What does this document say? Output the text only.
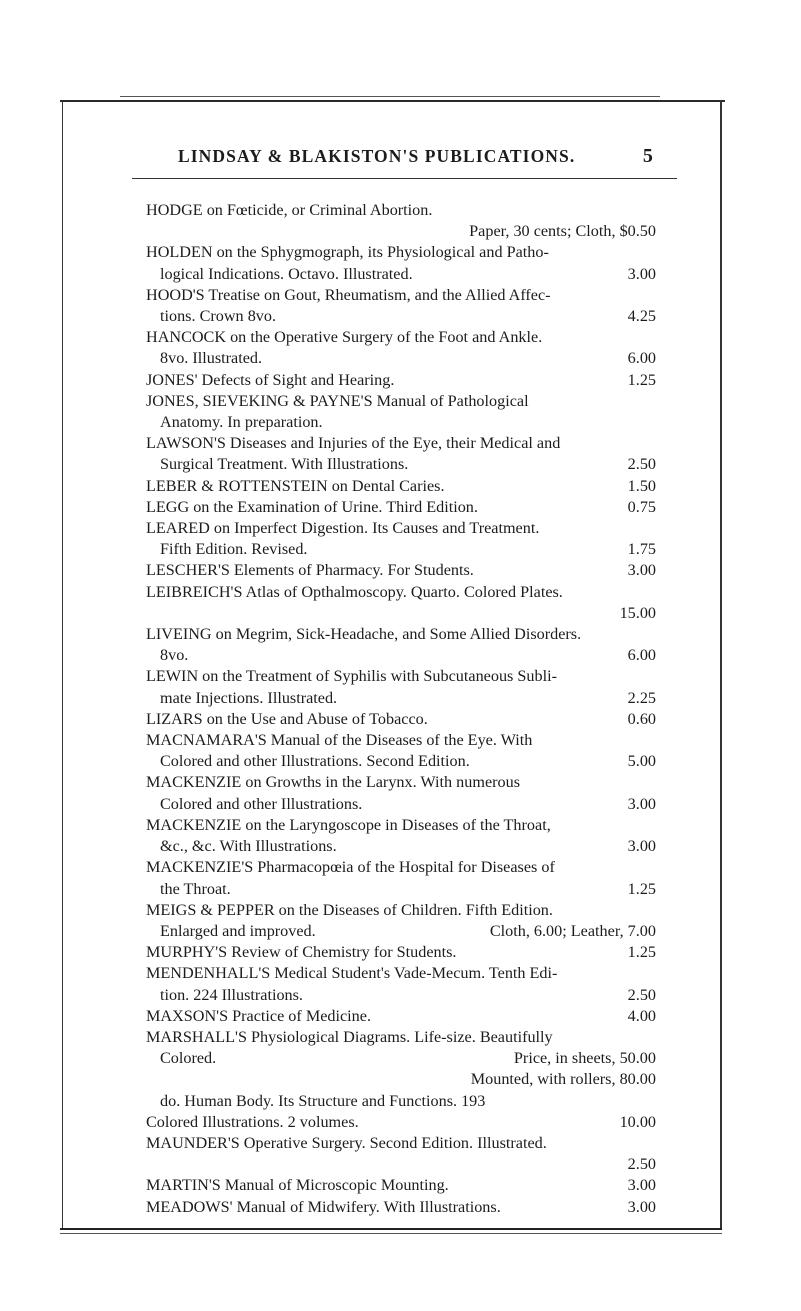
LINDSAY & BLAKISTON'S PUBLICATIONS.	5
HODGE on Fœticide, or Criminal Abortion.
Paper, 30 cents; Cloth, $0.50
HOLDEN on the Sphygmograph, its Physiological and Patho-
logical Indications. Octavo. Illustrated.	3.00
HOOD'S Treatise on Gout, Rheumatism, and the Allied Affec-
tions. Crown 8vo.	4.25
HANCOCK on the Operative Surgery of the Foot and Ankle.
8vo. Illustrated.	6.00
JONES' Defects of Sight and Hearing.	1.25
JONES, SIEVEKING & PAYNE'S Manual of Pathological
Anatomy. In preparation.
LAWSON'S Diseases and Injuries of the Eye, their Medical and
Surgical Treatment. With Illustrations.	2.50
LEBER & ROTTENSTEIN on Dental Caries.	1.50
LEGG on the Examination of Urine. Third Edition.	0.75
LEARED on Imperfect Digestion. Its Causes and Treatment.
Fifth Edition. Revised.	1.75
LESCHER'S Elements of Pharmacy. For Students.	3.00
LEIBREICH'S Atlas of Opthalmoscopy. Quarto. Colored Plates.
15.00
LIVEING on Megrim, Sick-Headache, and Some Allied Disorders.
8vo.	6.00
LEWIN on the Treatment of Syphilis with Subcutaneous Subli-
mate Injections. Illustrated.	2.25
LIZARS on the Use and Abuse of Tobacco.	0.60
MACNAMARA'S Manual of the Diseases of the Eye. With
Colored and other Illustrations. Second Edition.	5.00
MACKENZIE on Growths in the Larynx. With numerous
Colored and other Illustrations.	3.00
MACKENZIE on the Laryngoscope in Diseases of the Throat,
&c., &c. With Illustrations.	3.00
MACKENZIE'S Pharmacopœia of the Hospital for Diseases of
the Throat.	1.25
MEIGS & PEPPER on the Diseases of Children. Fifth Edition.
Enlarged and improved.	Cloth, 6.00; Leather, 7.00
MURPHY'S Review of Chemistry for Students.	1.25
MENDENHALL'S Medical Student's Vade-Mecum. Tenth Edi-
tion. 224 Illustrations.	2.50
MAXSON'S Practice of Medicine.	4.00
MARSHALL'S Physiological Diagrams. Life-size. Beautifully
Colored.	Price, in sheets, 50.00
Mounted, with rollers, 80.00
do. Human Body. Its Structure and Functions. 193
Colored Illustrations. 2 volumes.	10.00
MAUNDER'S Operative Surgery. Second Edition. Illustrated.
2.50
MARTIN'S Manual of Microscopic Mounting.	3.00
MEADOWS' Manual of Midwifery. With Illustrations.	3.00
